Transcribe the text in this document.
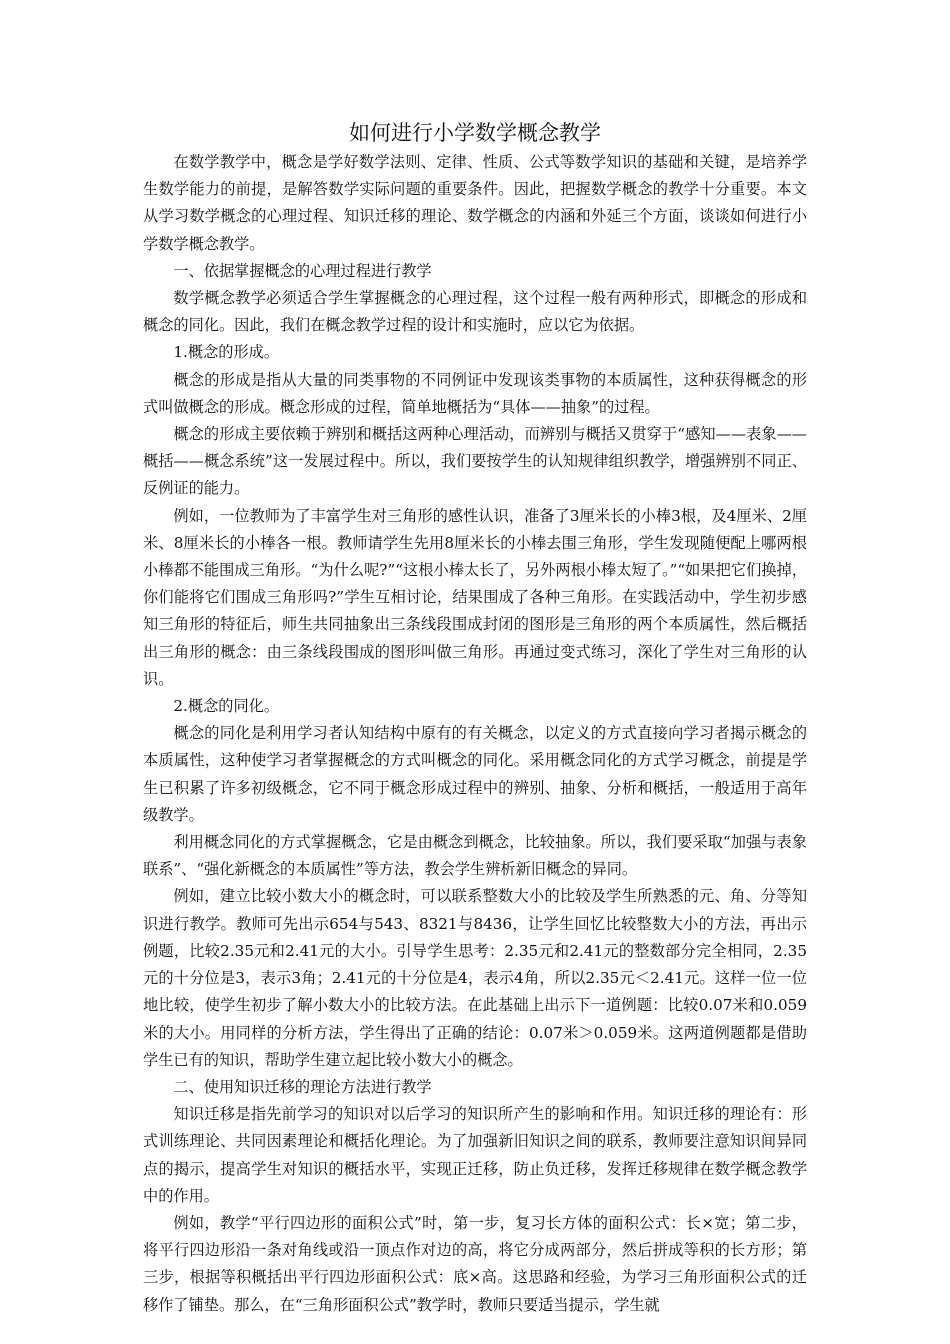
如何进行小学数学概念教学

在数学教学中，概念是学好数学法则、定律、性质、公式等数学知识的基础和关键，是培养学生数学能力的前提，是解答数学实际问题的重要条件。因此，把握数学概念的教学十分重要。本文从学习数学概念的心理过程、知识迁移的理论、数学概念的内涵和外延三个方面，谈谈如何进行小学数学概念教学。

一、依据掌握概念的心理过程进行教学

数学概念教学必须适合学生掌握概念的心理过程，这个过程一般有两种形式，即概念的形成和概念的同化。因此，我们在概念教学过程的设计和实施时，应以它为依据。

1.概念的形成。

概念的形成是指从大量的同类事物的不同例证中发现该类事物的本质属性，这种获得概念的形式叫做概念的形成。概念形成的过程，简单地概括为“具体——抽象”的过程。

概念的形成主要依赖于辨别和概括这两种心理活动，而辨别与概括又贯穿于“感知——表象——概括——概念系统”这一发展过程中。所以，我们要按学生的认知规律组织教学，增强辨别不同正、反例证的能力。

例如，一位教师为了丰富学生对三角形的感性认识，准备了3厘米长的小棒3根，及4厘米、2厘米、8厘米长的小棒各一根。教师请学生先用8厘米长的小棒去围三角形，学生发现随便配上哪两根小棒都不能围成三角形。“为什么呢?”“这根小棒太长了，另外两根小棒太短了。”“如果把它们换掉，你们能将它们围成三角形吗?”学生互相讨论，结果围成了各种三角形。在实践活动中，学生初步感知三角形的特征后，师生共同抽象出三条线段围成封闭的图形是三角形的两个本质属性，然后概括出三角形的概念：由三条线段围成的图形叫做三角形。再通过变式练习，深化了学生对三角形的认识。

2.概念的同化。

概念的同化是利用学习者认知结构中原有的有关概念，以定义的方式直接向学习者揭示概念的本质属性，这种使学习者掌握概念的方式叫概念的同化。采用概念同化的方式学习概念，前提是学生已积累了许多初级概念，它不同于概念形成过程中的辨别、抽象、分析和概括，一般适用于高年级教学。

利用概念同化的方式掌握概念，它是由概念到概念，比较抽象。所以，我们要采取“加强与表象联系”、“强化新概念的本质属性”等方法，教会学生辨析新旧概念的异同。

例如，建立比较小数大小的概念时，可以联系整数大小的比较及学生所熟悉的元、角、分等知识进行教学。教师可先出示654与543、8321与8436，让学生回忆比较整数大小的方法，再出示例题，比较2.35元和2.41元的大小。引导学生思考：2.35元和2.41元的整数部分完全相同，2.35元的十分位是3，表示3角；2.41元的十分位是4，表示4角，所以2.35元＜2.41元。这样一位一位地比较，使学生初步了解小数大小的比较方法。在此基础上出示下一道例题：比较0.07米和0.059米的大小。用同样的分析方法，学生得出了正确的结论：0.07米＞0.059米。这两道例题都是借助学生已有的知识，帮助学生建立起比较小数大小的概念。

二、使用知识迁移的理论方法进行教学

知识迁移是指先前学习的知识对以后学习的知识所产生的影响和作用。知识迁移的理论有：形式训练理论、共同因素理论和概括化理论。为了加强新旧知识之间的联系，教师要注意知识间异同点的揭示，提高学生对知识的概括水平，实现正迁移，防止负迁移，发挥迁移规律在数学概念教学中的作用。

例如，教学“平行四边形的面积公式”时，第一步，复习长方体的面积公式：长×宽；第二步，将平行四边形沿一条对角线或沿一顶点作对边的高，将它分成两部分，然后拼成等积的长方形；第三步，根据等积概括出平行四边形面积公式：底×高。这思路和经验，为学习三角形面积公式的迁移作了铺垫。那么，在“三角形面积公式”教学时，教师只要适当提示，学生就
